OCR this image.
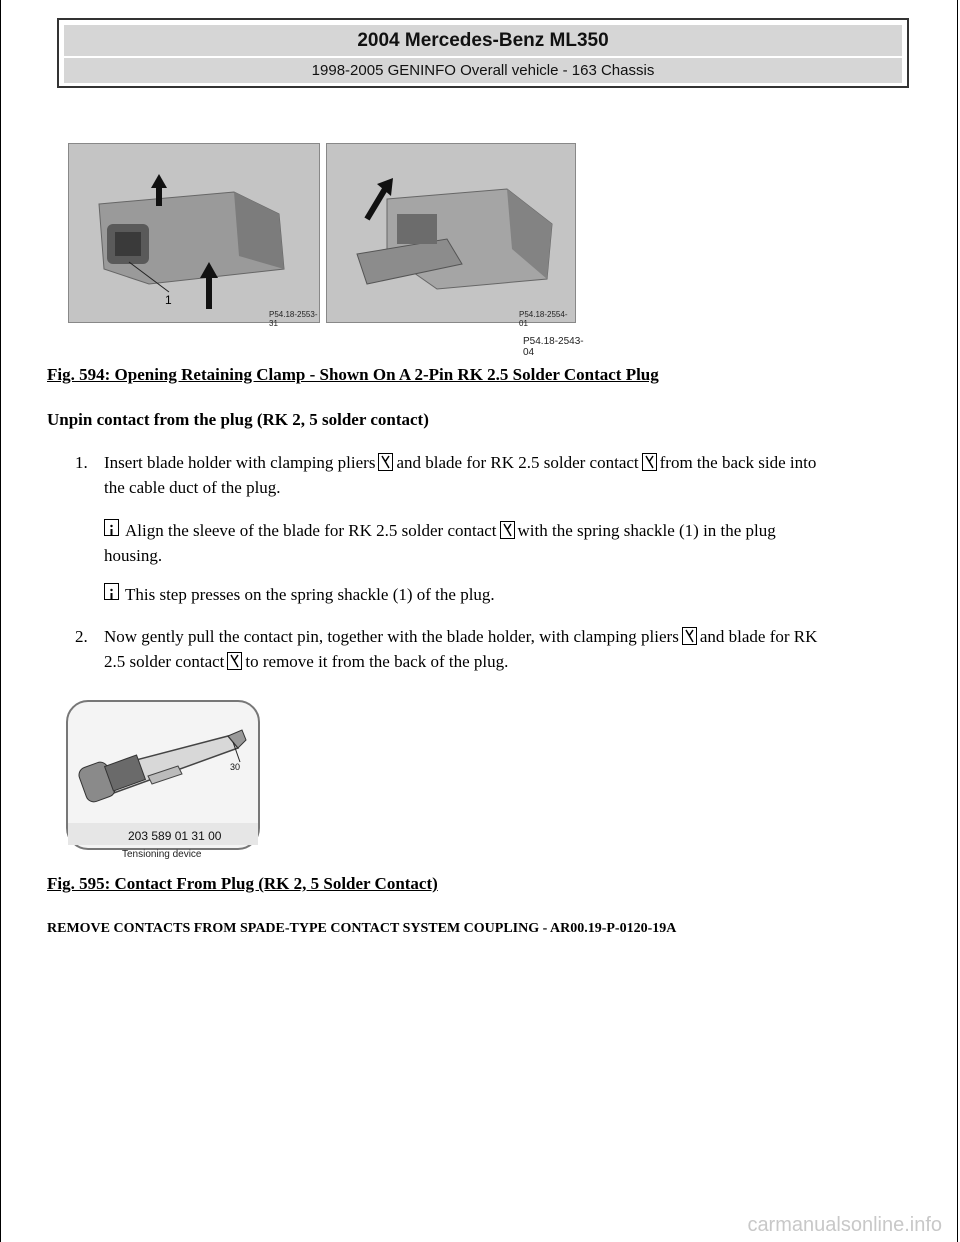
2004 Mercedes-Benz ML350
1998-2005 GENINFO Overall vehicle - 163 Chassis
1
P54.18-2553-31
P54.18-2554-01
P54.18-2543-04
Fig. 594: Opening Retaining Clamp - Shown On A 2-Pin RK 2.5 Solder Contact Plug
Unpin contact from the plug (RK 2, 5 solder contact)
1. Insert blade holder with clamping pliers and blade for RK 2.5 solder contact from the back side into
the cable duct of the plug.
Align the sleeve of the blade for RK 2.5 solder contact with the spring shackle (1) in the plug
housing.
This step presses on the spring shackle (1) of the plug.
2. Now gently pull the contact pin, together with the blade holder, with clamping pliers and blade for RK
2.5 solder contact to remove it from the back of the plug.
203 589 01 31 00
30
Tensioning device
Fig. 595: Contact From Plug (RK 2, 5 Solder Contact)
REMOVE CONTACTS FROM SPADE-TYPE CONTACT SYSTEM COUPLING - AR00.19-P-0120-19A
carmanualsonline.info
